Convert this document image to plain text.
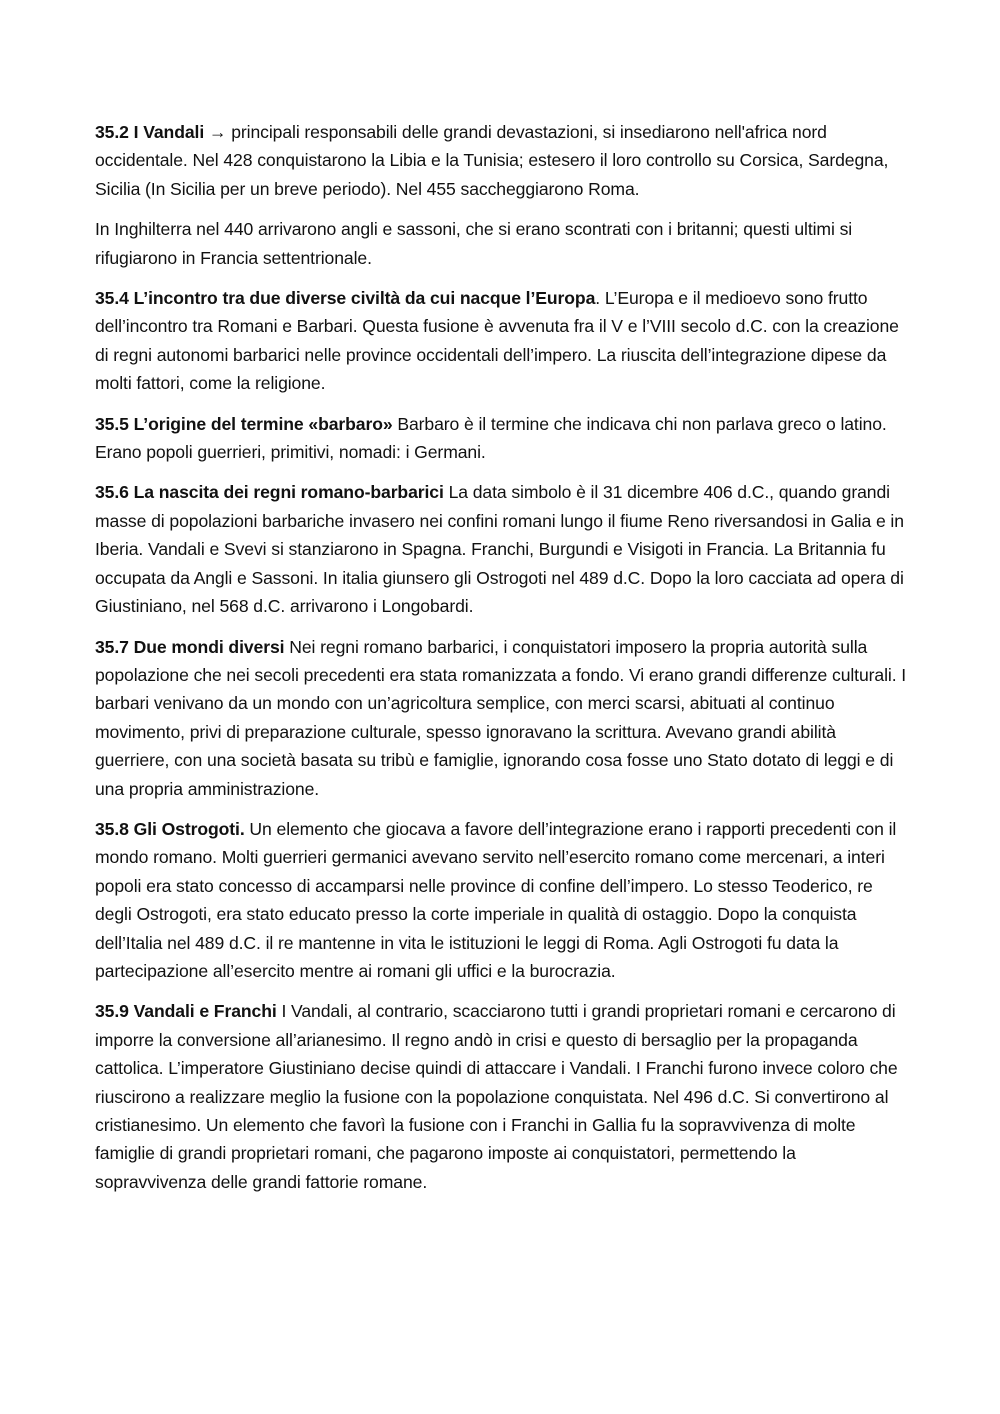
35.2 I Vandali → principali responsabili delle grandi devastazioni, si insediarono nell'africa nord occidentale. Nel 428 conquistarono la Libia e la Tunisia; estesero il loro controllo su Corsica, Sardegna, Sicilia (In Sicilia per un breve periodo). Nel 455 saccheggiarono Roma.

In Inghilterra nel 440 arrivarono angli e sassoni, che si erano scontrati con i britanni; questi ultimi si rifugiarono in Francia settentrionale.

35.4 L’incontro tra due diverse civiltà da cui nacque l’Europa. L’Europa e il medioevo sono frutto dell’incontro tra Romani e Barbari. Questa fusione è avvenuta fra il V e l’VIII secolo d.C. con la creazione di regni autonomi barbarici nelle province occidentali dell’impero. La riuscita dell’integrazione dipese da molti fattori, come la religione.

35.5 L’origine del termine «barbaro» Barbaro è il termine che indicava chi non parlava greco o latino. Erano popoli guerrieri, primitivi, nomadi: i Germani.

35.6 La nascita dei regni romano-barbarici La data simbolo è il 31 dicembre 406 d.C., quando grandi masse di popolazioni barbariche invasero nei confini romani lungo il fiume Reno riversandosi in Galia e in Iberia. Vandali e Svevi si stanziarono in Spagna. Franchi, Burgundi e Visigoti in Francia. La Britannia fu occupata da Angli e Sassoni. In italia giunsero gli Ostrogoti nel 489 d.C. Dopo la loro cacciata ad opera di Giustiniano, nel 568 d.C. arrivarono i Longobardi.

35.7 Due mondi diversi Nei regni romano barbarici, i conquistatori imposero la propria autorità sulla popolazione che nei secoli precedenti era stata romanizzata a fondo. Vi erano grandi differenze culturali. I barbari venivano da un mondo con un’agricoltura semplice, con merci scarsi, abituati al continuo movimento, privi di preparazione culturale, spesso ignoravano la scrittura. Avevano grandi abilità guerriere, con una società basata su tribù e famiglie, ignorando cosa fosse uno Stato dotato di leggi e di una propria amministrazione.

35.8 Gli Ostrogoti. Un elemento che giocava a favore dell’integrazione erano i rapporti precedenti con il mondo romano. Molti guerrieri germanici avevano servito nell’esercito romano come mercenari, a interi popoli era stato concesso di accamparsi nelle province di confine dell’impero. Lo stesso Teoderico, re degli Ostrogoti, era stato educato presso la corte imperiale in qualità di ostaggio. Dopo la conquista dell’Italia nel 489 d.C. il re mantenne in vita le istituzioni le leggi di Roma. Agli Ostrogoti fu data la partecipazione all’esercito mentre ai romani gli uffici e la burocrazia.

35.9 Vandali e Franchi I Vandali, al contrario, scacciarono tutti i grandi proprietari romani e cercarono di imporre la conversione all’arianesimo. Il regno andò in crisi e questo di bersaglio per la propaganda cattolica. L’imperatore Giustiniano decise quindi di attaccare i Vandali. I Franchi furono invece coloro che riuscirono a realizzare meglio la fusione con la popolazione conquistata. Nel 496 d.C. Si convertirono al cristianesimo. Un elemento che favorì la fusione con i Franchi in Gallia fu la sopravvivenza di molte famiglie di grandi proprietari romani, che pagarono imposte ai conquistatori, permettendo la sopravvivenza delle grandi fattorie romane.
